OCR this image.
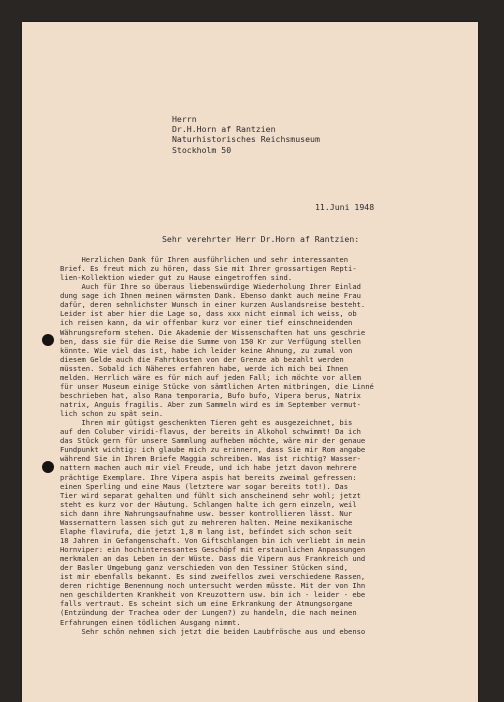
Herrn
Dr.H.Horn af Rantzien
Naturhistorisches Reichsmuseum
Stockholm 50
11.Juni 1948
Sehr verehrter Herr Dr.Horn af Rantzien:
Herzlichen Dank für Ihren ausführlichen und sehr interessanten
Brief. Es freut mich zu hören, dass Sie mit Ihrer grossartigen Repti-
lien-Kollektion wieder gut zu Hause eingetroffen sind.
Auch für Ihre so überaus liebenswürdige Wiederholung Ihrer Einlad
dung sage ich Ihnen meinen wärmsten Dank. Ebenso dankt auch meine Frau
dafür, deren sehnlichster Wunsch in einer kurzen Auslandsreise besteht.
Leider ist aber hier die Lage so, dass xxx nicht einmal ich weiss, ob
ich reisen kann, da wir offenbar kurz vor einer tief einschneidenden
Währungsreform stehen. Die Akademie der Wissenschaften hat uns geschrie
ben, dass sie für die Reise die Summe von 150 Kr zur Verfügung stellen
könnte. Wie viel das ist, habe ich leider keine Ahnung, zu zumal von
diesem Gelde auch die Fahrtkosten von der Grenze ab bezahlt werden
müssten. Sobald ich Näheres erfahren habe, werde ich mich bei Ihnen
melden. Herrlich wäre es für mich auf jeden Fall; ich möchte vor allem
für unser Museum einige Stücke von sämtlichen Arten mitbringen, die Linné
beschrieben hat, also Rana temporaria, Bufo bufo, Vipera berus, Natrix
natrix, Anguis fragilis. Aber zum Sammeln wird es im September vermut-
lich schon zu spät sein.
Ihren mir gütigst geschenkten Tieren geht es ausgezeichnet, bis
auf den Coluber viridi-flavus, der bereits in Alkohol schwimmt! Da ich
das Stück gern für unsere Sammlung aufheben möchte, wäre mir der genaue
Fundpunkt wichtig: ich glaube mich zu erinnern, dass Sie mir Rom angabe
während Sie in Ihrem Briefe Maggia schreiben. Was ist richtig? Wasser-
nattern machen auch mir viel Freude, und ich habe jetzt davon mehrere
prächtige Exemplare. Ihre Vipera aspis hat bereits zweimal gefressen:
einen Sperling und eine Maus (letztere war sogar bereits tot!). Das
Tier wird separat gehalten und fühlt sich anscheinend sehr wohl; jetzt
steht es kurz vor der Häutung. Schlangen halte ich gern einzeln, weil
sich dann ihre Nahrungsaufnahme usw. besser kontrollieren lässt. Nur
Wassernattern lassen sich gut zu mehreren halten. Meine mexikanische
Elaphe flavirufa, die jetzt 1,8 m lang ist, befindet sich schon seit
18 Jahren in Gefangenschaft. Von Giftschlangen bin ich verliebt in mein
Hornviper: ein hochinteressantes Geschöpf mit erstaunlichen Anpassungen
merkmalen an das Leben in der Wüste. Dass die Vipern aus Frankreich und
der Basler Umgebung ganz verschieden von den Tessiner Stücken sind,
ist mir ebenfalls bekannt. Es sind zweifellos zwei verschiedene Rassen,
deren richtige Benennung noch untersucht werden müsste. Mit der von Ihn
nen geschilderten Krankheit von Kreuzottern usw. bin ich - leider - ebe
falls vertraut. Es scheint sich um eine Erkrankung der Atmungsorgane
(Entzündung der Trachea oder der Lungen?) zu handeln, die nach meinen
Erfahrungen einen tödlichen Ausgang nimmt.
Sehr schön nehmen sich jetzt die beiden Laubfrösche aus und ebenso
